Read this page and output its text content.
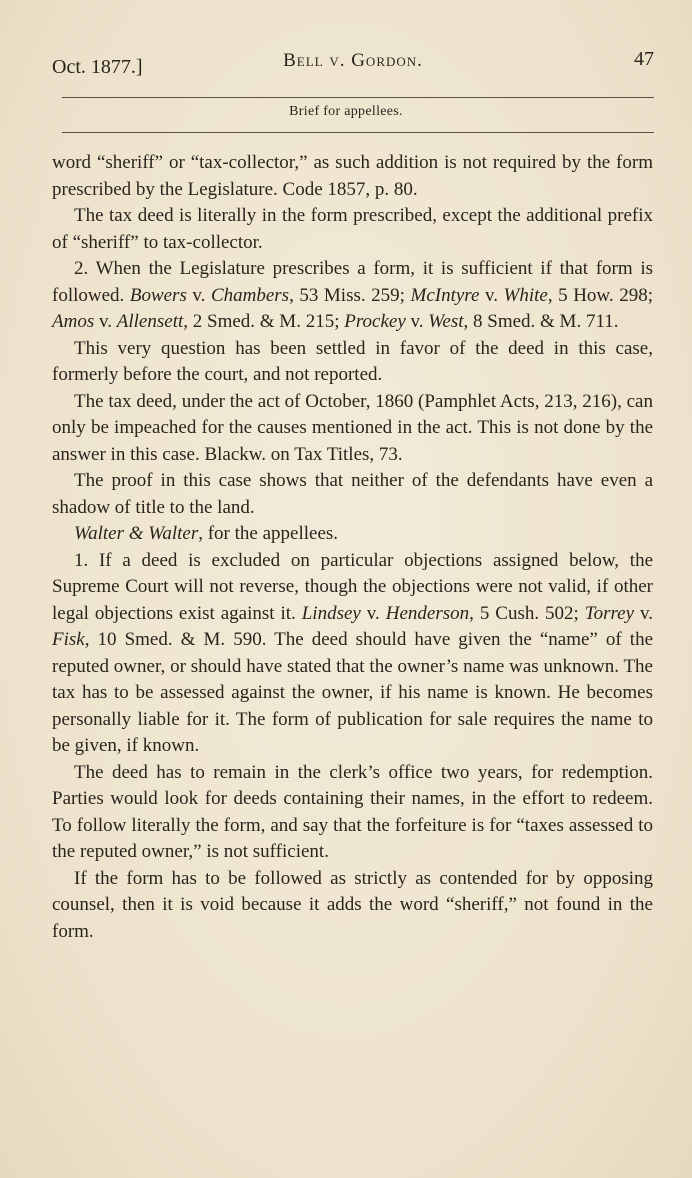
Oct. 1877.]	Bell v. Gordon.	47
Brief for appellees.

word “sheriff” or “tax-collector,” as such addition is not required by the form prescribed by the Legislature. Code 1857, p. 80.

The tax deed is literally in the form prescribed, except the additional prefix of “sheriff” to tax-collector.

2. When the Legislature prescribes a form, it is sufficient if that form is followed. Bowers v. Chambers, 53 Miss. 259; McIntyre v. White, 5 How. 298; Amos v. Allensett, 2 Smed. & M. 215; Prockey v. West, 8 Smed. & M. 711.

This very question has been settled in favor of the deed in this case, formerly before the court, and not reported.

The tax deed, under the act of October, 1860 (Pamphlet Acts, 213, 216), can only be impeached for the causes mentioned in the act. This is not done by the answer in this case. Blackw. on Tax Titles, 73.

The proof in this case shows that neither of the defendants have even a shadow of title to the land.

Walter & Walter, for the appellees.

1. If a deed is excluded on particular objections assigned below, the Supreme Court will not reverse, though the objections were not valid, if other legal objections exist against it. Lindsey v. Henderson, 5 Cush. 502; Torrey v. Fisk, 10 Smed. & M. 590. The deed should have given the “name” of the reputed owner, or should have stated that the owner’s name was unknown. The tax has to be assessed against the owner, if his name is known. He becomes personally liable for it. The form of publication for sale requires the name to be given, if known.

The deed has to remain in the clerk’s office two years, for redemption. Parties would look for deeds containing their names, in the effort to redeem. To follow literally the form, and say that the forfeiture is for “taxes assessed to the reputed owner,” is not sufficient.

If the form has to be followed as strictly as contended for by opposing counsel, then it is void because it adds the word “sheriff,” not found in the form.
